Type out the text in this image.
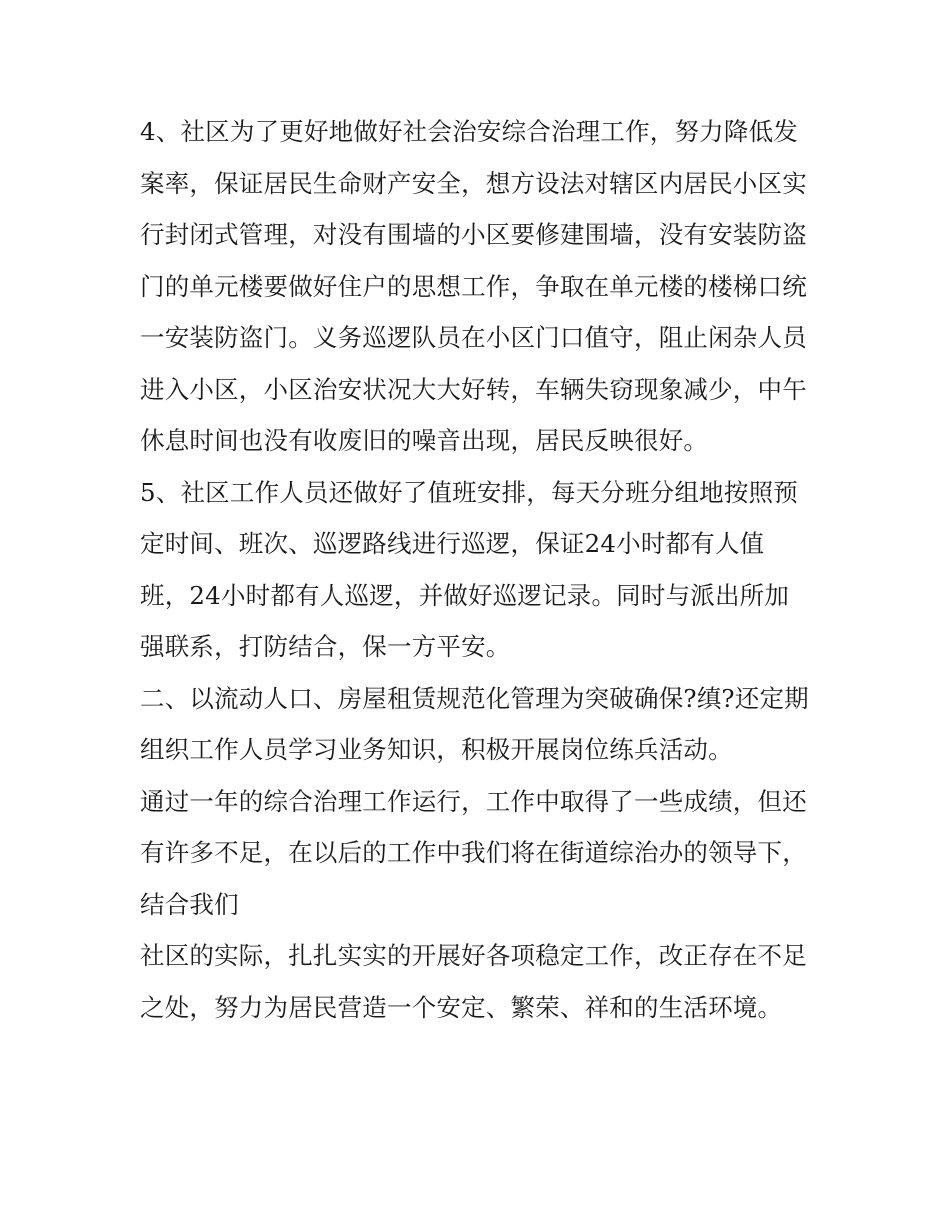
4、社区为了更好地做好社会治安综合治理工作，努力降低发
案率，保证居民生命财产安全，想方设法对辖区内居民小区实
行封闭式管理，对没有围墙的小区要修建围墙，没有安装防盗
门的单元楼要做好住户的思想工作，争取在单元楼的楼梯口统
一安装防盗门。义务巡逻队员在小区门口值守，阻止闲杂人员
进入小区，小区治安状况大大好转，车辆失窃现象减少，中午
休息时间也没有收废旧的噪音出现，居民反映很好。
5、社区工作人员还做好了值班安排，每天分班分组地按照预
定时间、班次、巡逻路线进行巡逻，保证24小时都有人值
班，24小时都有人巡逻，并做好巡逻记录。同时与派出所加
强联系，打防结合，保一方平安。
二、以流动人口、房屋租赁规范化管理为突破确保?缜?还定期
组织工作人员学习业务知识，积极开展岗位练兵活动。
通过一年的综合治理工作运行，工作中取得了一些成绩，但还
有许多不足，在以后的工作中我们将在街道综治办的领导下，
结合我们
社区的实际，扎扎实实的开展好各项稳定工作，改正存在不足
之处，努力为居民营造一个安定、繁荣、祥和的生活环境。
